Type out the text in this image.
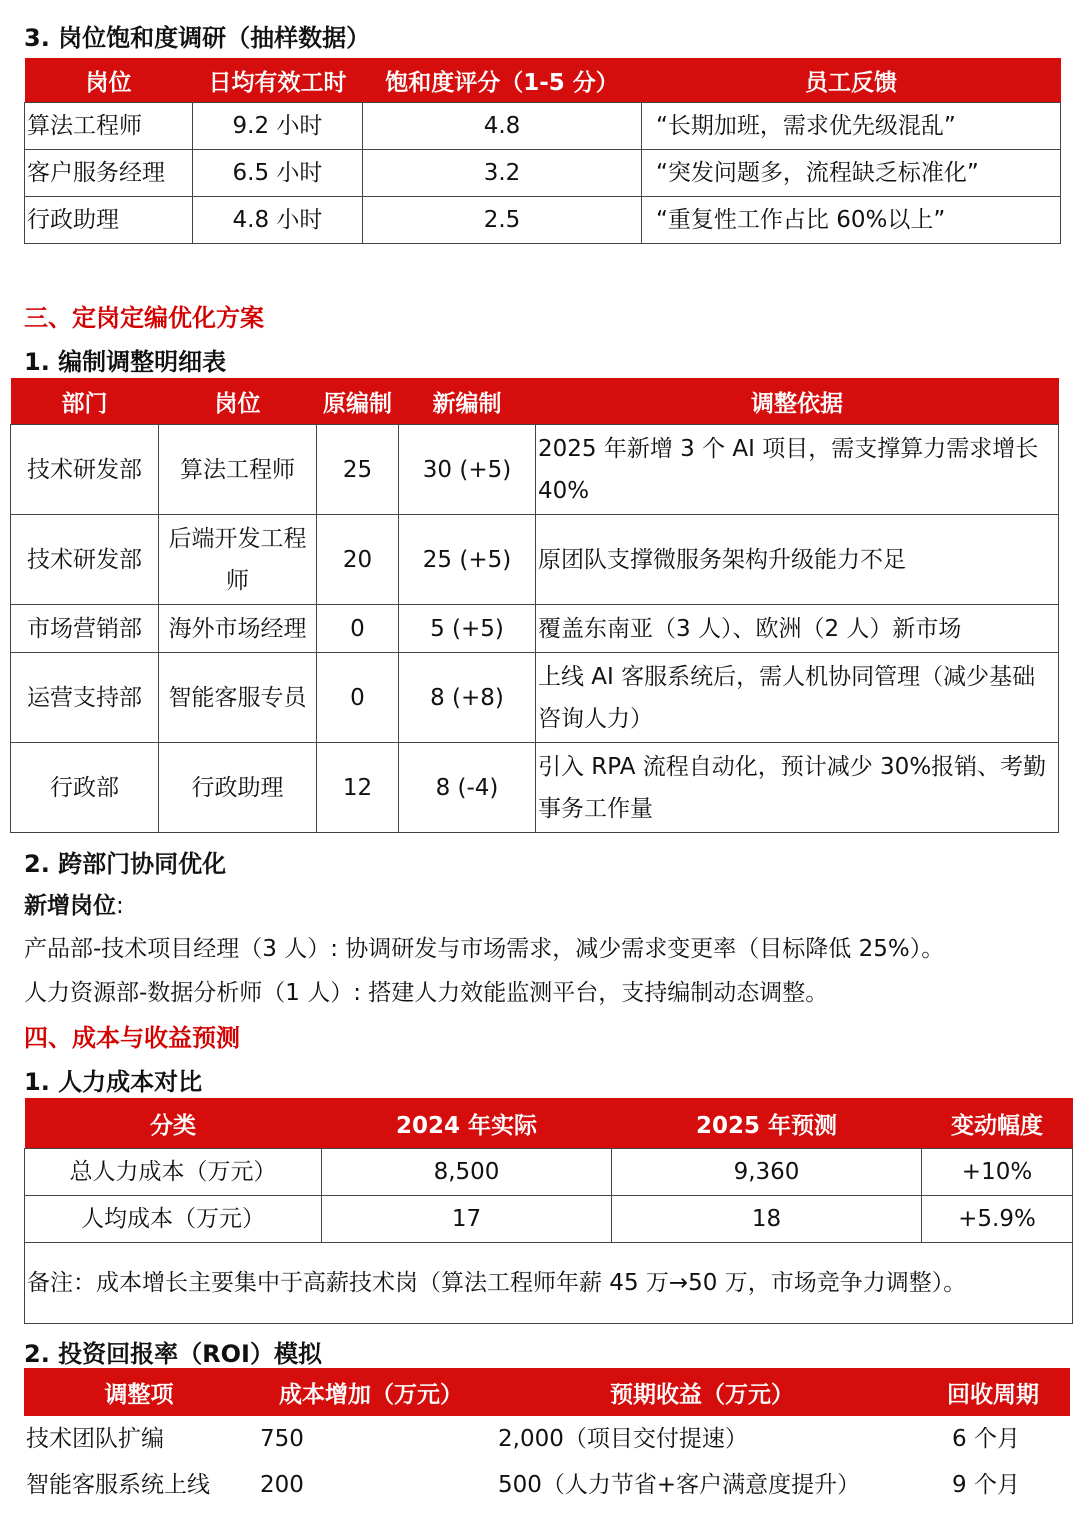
3. 岗位饱和度调研（抽样数据）
岗位	日均有效工时	饱和度评分（1-5 分）	员工反馈
算法工程师	9.2 小时	4.8	“长期加班，需求优先级混乱”
客户服务经理	6.5 小时	3.2	“突发问题多，流程缺乏标准化”
行政助理	4.8 小时	2.5	“重复性工作占比 60%以上”
三、定岗定编优化方案
1. 编制调整明细表
部门	岗位	原编制	新编制	调整依据
技术研发部	算法工程师	25	30 (+5)	2025 年新增 3 个 AI 项目，需支撑算力需求增长 40%
技术研发部	后端开发工程师	20	25 (+5)	原团队支撑微服务架构升级能力不足
市场营销部	海外市场经理	0	5 (+5)	覆盖东南亚（3 人）、欧洲（2 人）新市场
运营支持部	智能客服专员	0	8 (+8)	上线 AI 客服系统后，需人机协同管理（减少基础咨询人力）
行政部	行政助理	12	8 (-4)	引入 RPA 流程自动化，预计减少 30%报销、考勤事务工作量
2. 跨部门协同优化
新增岗位:
产品部-技术项目经理（3 人）: 协调研发与市场需求，减少需求变更率（目标降低 25%）。
人力资源部-数据分析师（1 人）: 搭建人力效能监测平台，支持编制动态调整。
四、成本与收益预测
1. 人力成本对比
分类	2024 年实际	2025 年预测	变动幅度
总人力成本（万元）	8,500	9,360	+10%
人均成本（万元）	17	18	+5.9%
备注：成本增长主要集中于高薪技术岗（算法工程师年薪 45 万→50 万，市场竞争力调整）。			
2. 投资回报率（ROI）模拟
调整项	成本增加（万元）	预期收益（万元）	回收周期
技术团队扩编	750	2,000（项目交付提速）	6 个月
智能客服系统上线	200	500（人力节省+客户满意度提升）	9 个月
